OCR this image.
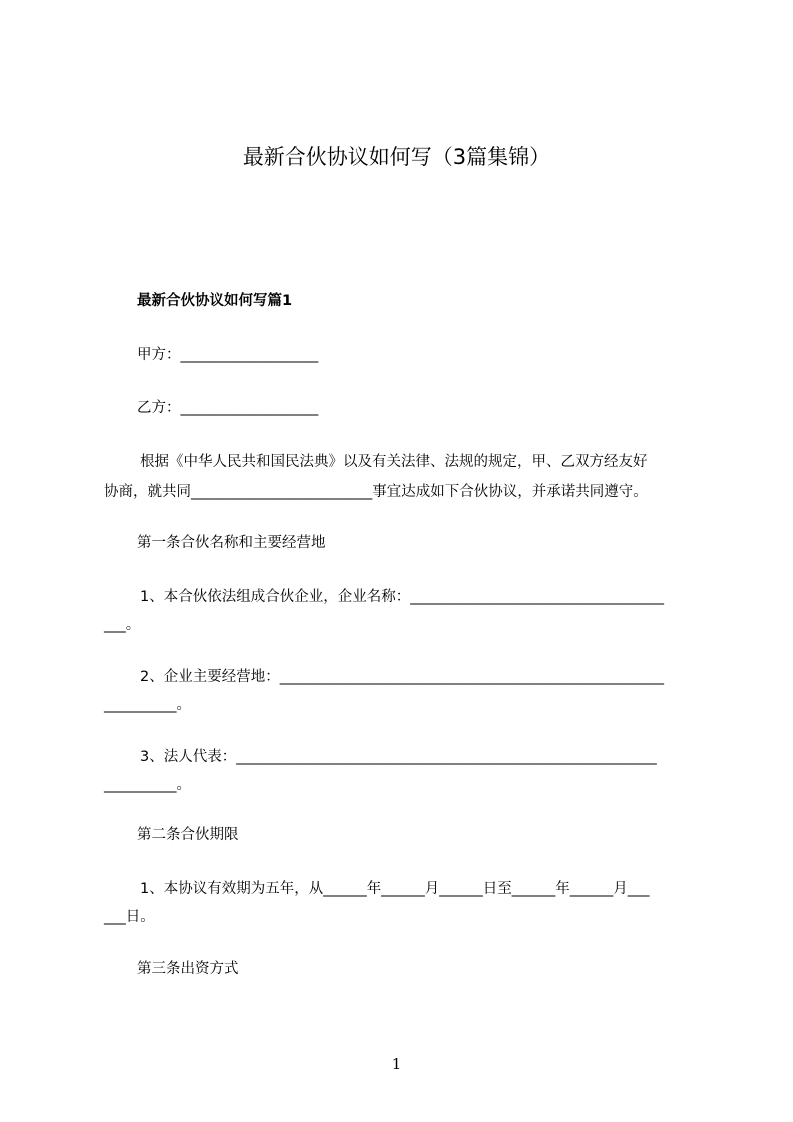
最新合伙协议如何写（3篇集锦）
最新合伙协议如何写篇1
甲方：___________________
乙方：___________________
根据《中华人民共和国民法典》以及有关法律、法规的规定，甲、乙双方经友好
协商，就共同_________________________事宜达成如下合伙协议，并承诺共同遵守。
第一条合伙名称和主要经营地
1、本合伙依法组成合伙企业，企业名称：___________________________________
___。
2、企业主要经营地：_____________________________________________________
__________。
3、法人代表：__________________________________________________________
__________。
第二条合伙期限
1、本协议有效期为五年，从______年______月______日至______年______月___
___日。
第三条出资方式
1
